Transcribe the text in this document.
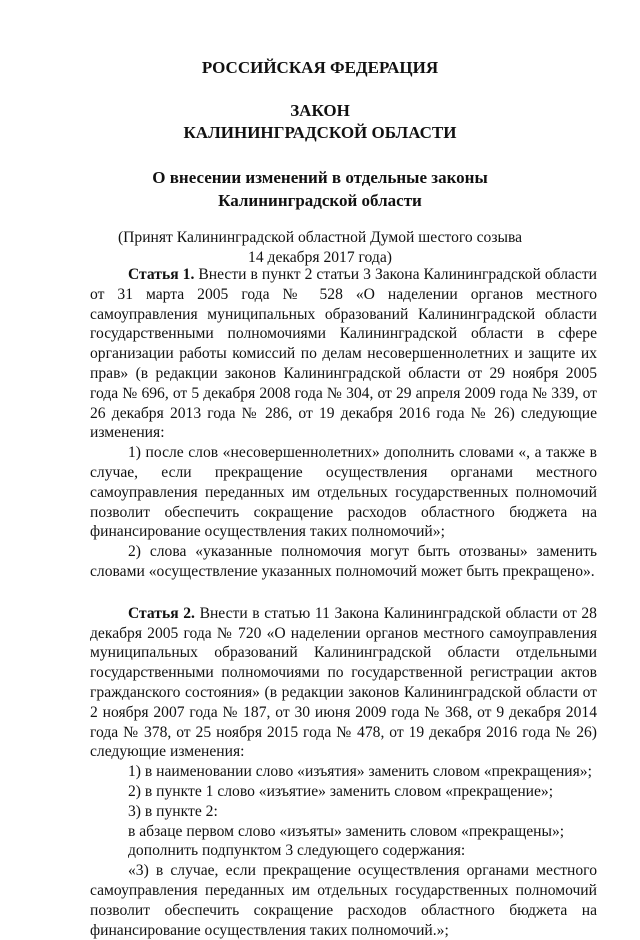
РОССИЙСКАЯ ФЕДЕРАЦИЯ
ЗАКОН
КАЛИНИНГРАДСКОЙ ОБЛАСТИ
О внесении изменений в отдельные законы
Калининградской области
(Принят Калининградской областной Думой шестого созыва
14 декабря 2017 года)

Статья 1. Внести в пункт 2 статьи 3 Закона Калининградской области от 31 марта 2005 года № 528 «О наделении органов местного самоуправления муниципальных образований Калининградской области государственными полномочиями Калининградской области в сфере организации работы комиссий по делам несовершеннолетних и защите их прав» (в редакции законов Калининградской области от 29 ноября 2005 года № 696, от 5 декабря 2008 года № 304, от 29 апреля 2009 года № 339, от 26 декабря 2013 года № 286, от 19 декабря 2016 года № 26) следующие изменения:

1) после слов «несовершеннолетних» дополнить словами «, а также в случае, если прекращение осуществления органами местного самоуправления переданных им отдельных государственных полномочий позволит обеспечить сокращение расходов областного бюджета на финансирование осуществления таких полномочий»;

2) слова «указанные полномочия могут быть отозваны» заменить словами «осуществление указанных полномочий может быть прекращено».

Статья 2. Внести в статью 11 Закона Калининградской области от 28 декабря 2005 года № 720 «О наделении органов местного самоуправления муниципальных образований Калининградской области отдельными государственными полномочиями по государственной регистрации актов гражданского состояния» (в редакции законов Калининградской области от 2 ноября 2007 года № 187, от 30 июня 2009 года № 368, от 9 декабря 2014 года № 378, от 25 ноября 2015 года № 478, от 19 декабря 2016 года № 26) следующие изменения:

1) в наименовании слово «изъятия» заменить словом «прекращения»;

2) в пункте 1 слово «изъятие» заменить словом «прекращение»;

3) в пункте 2:

в абзаце первом слово «изъяты» заменить словом «прекращены»;

дополнить подпунктом 3 следующего содержания:

«3) в случае, если прекращение осуществления органами местного самоуправления переданных им отдельных государственных полномочий позволит обеспечить сокращение расходов областного бюджета на финансирование осуществления таких полномочий.»;
